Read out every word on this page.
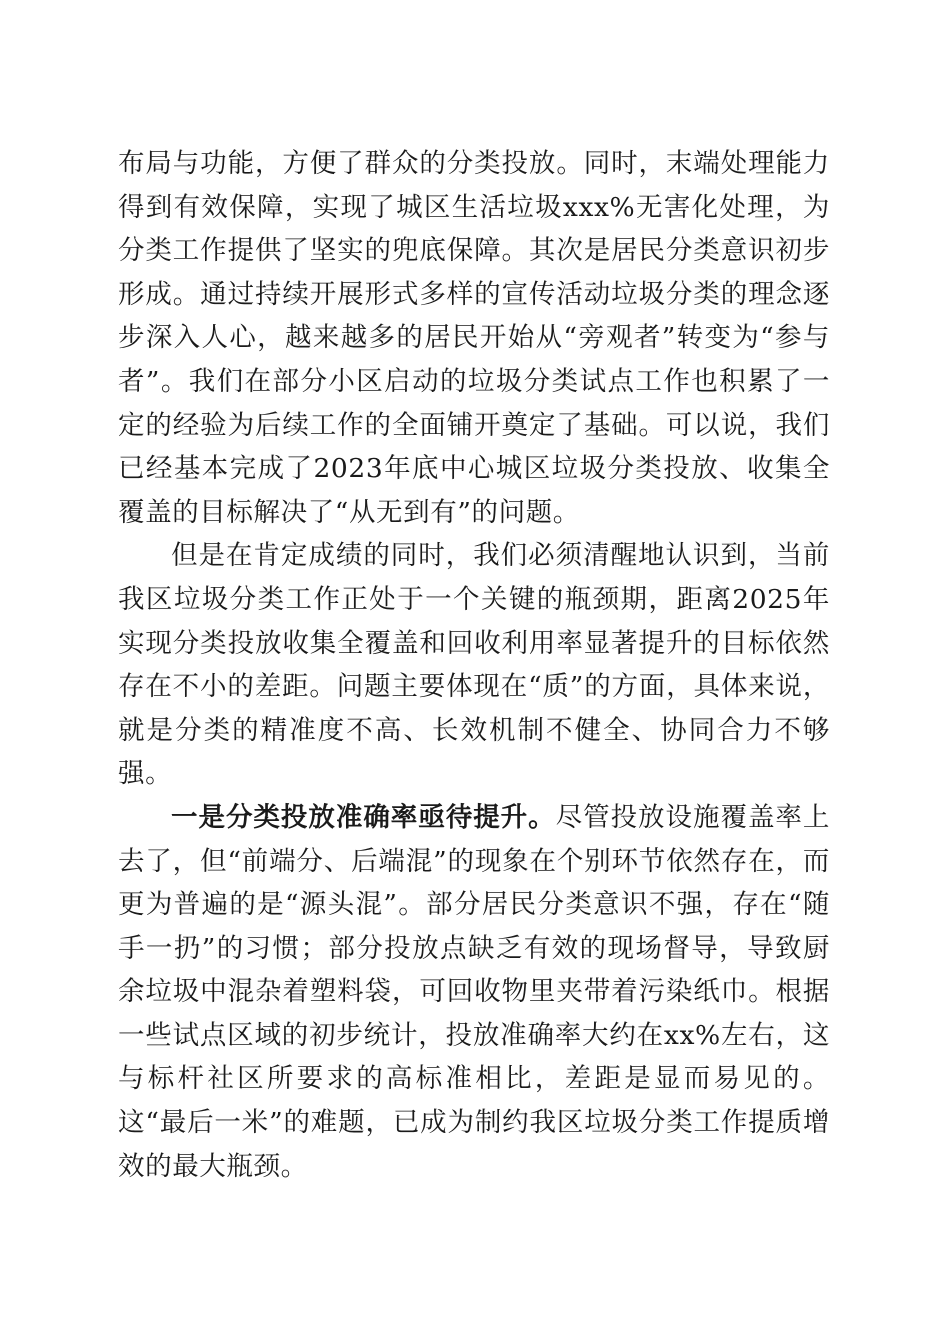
布局与功能，方便了群众的分类投放。同时，末端处理能力得到有效保障，实现了城区生活垃圾xxx%无害化处理，为分类工作提供了坚实的兜底保障。其次是居民分类意识初步形成。通过持续开展形式多样的宣传活动垃圾分类的理念逐步深入人心，越来越多的居民开始从“旁观者”转变为“参与者”。我们在部分小区启动的垃圾分类试点工作也积累了一定的经验为后续工作的全面铺开奠定了基础。可以说，我们已经基本完成了2023年底中心城区垃圾分类投放、收集全覆盖的目标解决了“从无到有”的问题。

但是在肯定成绩的同时，我们必须清醒地认识到，当前我区垃圾分类工作正处于一个关键的瓶颈期，距离2025年实现分类投放收集全覆盖和回收利用率显著提升的目标依然存在不小的差距。问题主要体现在“质”的方面，具体来说，就是分类的精准度不高、长效机制不健全、协同合力不够强。

一是分类投放准确率亟待提升。尽管投放设施覆盖率上去了，但“前端分、后端混”的现象在个别环节依然存在，而更为普遍的是“源头混”。部分居民分类意识不强，存在“随手一扔”的习惯；部分投放点缺乏有效的现场督导，导致厨余垃圾中混杂着塑料袋，可回收物里夹带着污染纸巾。根据一些试点区域的初步统计，投放准确率大约在xx%左右，这与标杆社区所要求的高标准相比，差距是显而易见的。这“最后一米”的难题，已成为制约我区垃圾分类工作提质增效的最大瓶颈。
